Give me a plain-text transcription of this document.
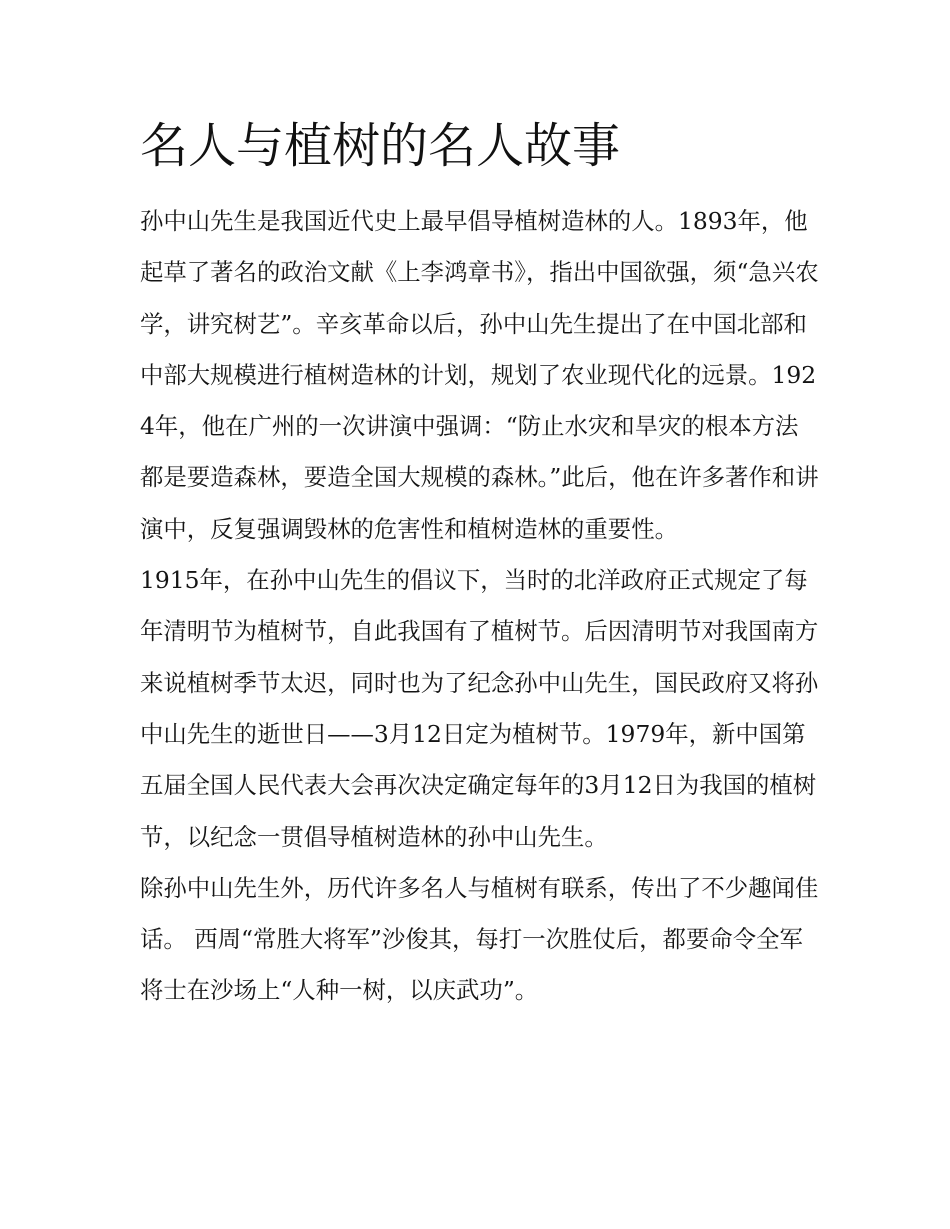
名人与植树的名人故事

孙中山先生是我国近代史上最早倡导植树造林的人。1893年，他起草了著名的政治文献《上李鸿章书》，指出中国欲强，须“急兴农学，讲究树艺”。辛亥革命以后，孙中山先生提出了在中国北部和中部大规模进行植树造林的计划，规划了农业现代化的远景。1924年，他在广州的一次讲演中强调：“防止水灾和旱灾的根本方法都是要造森林，要造全国大规模的森林。”此后，他在许多著作和讲演中，反复强调毁林的危害性和植树造林的重要性。

1915年，在孙中山先生的倡议下，当时的北洋政府正式规定了每年清明节为植树节，自此我国有了植树节。后因清明节对我国南方来说植树季节太迟，同时也为了纪念孙中山先生，国民政府又将孙中山先生的逝世日——3月12日定为植树节。1979年，新中国第五届全国人民代表大会再次决定确定每年的3月12日为我国的植树节，以纪念一贯倡导植树造林的孙中山先生。

除孙中山先生外，历代许多名人与植树有联系，传出了不少趣闻佳话。 西周“常胜大将军”沙俊其，每打一次胜仗后，都要命令全军将士在沙场上“人种一树，以庆武功”。
